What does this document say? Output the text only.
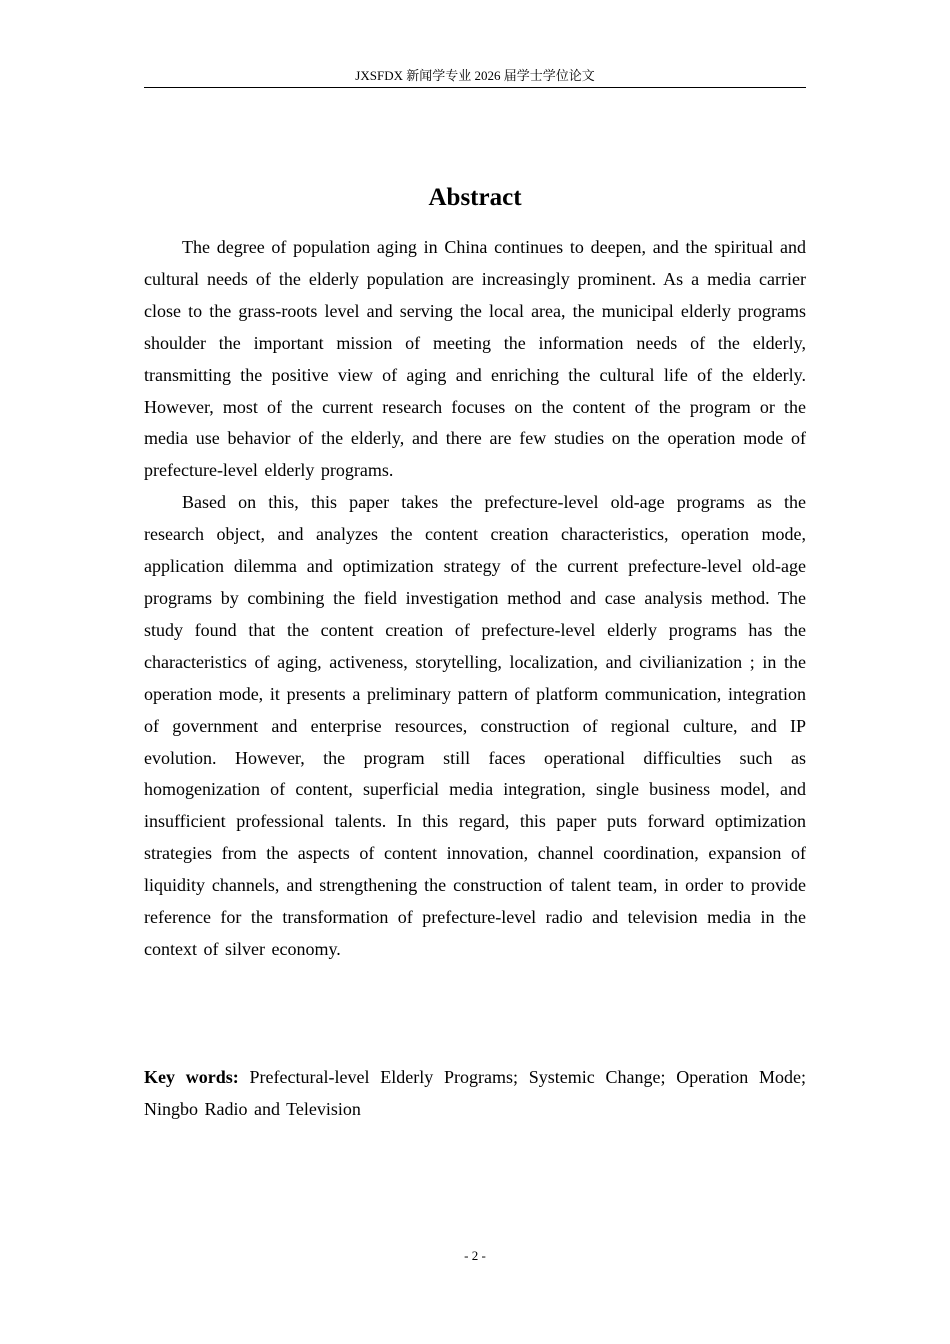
JXSFDX 新闻学专业 2026 届学士学位论文
Abstract

The degree of population aging in China continues to deepen, and the spiritual and cultural needs of the elderly population are increasingly prominent. As a media carrier close to the grass-roots level and serving the local area, the municipal elderly programs shoulder the important mission of meeting the information needs of the elderly, transmitting the positive view of aging and enriching the cultural life of the elderly. However, most of the current research focuses on the content of the program or the media use behavior of the elderly, and there are few studies on the operation mode of prefecture-level elderly programs.

Based on this, this paper takes the prefecture-level old-age programs as the research object, and analyzes the content creation characteristics, operation mode, application dilemma and optimization strategy of the current prefecture-level old-age programs by combining the field investigation method and case analysis method. The study found that the content creation of prefecture-level elderly programs has the characteristics of aging, activeness, storytelling, localization, and civilianization ; in the operation mode, it presents a preliminary pattern of platform communication, integration of government and enterprise resources, construction of regional culture, and IP evolution. However, the program still faces operational difficulties such as homogenization of content, superficial media integration, single business model, and insufficient professional talents. In this regard, this paper puts forward optimization strategies from the aspects of content innovation, channel coordination, expansion of liquidity channels, and strengthening the construction of talent team, in order to provide reference for the transformation of prefecture-level radio and television media in the context of silver economy.

Key words: Prefectural-level Elderly Programs; Systemic Change; Operation Mode; Ningbo Radio and Television
- 2 -
